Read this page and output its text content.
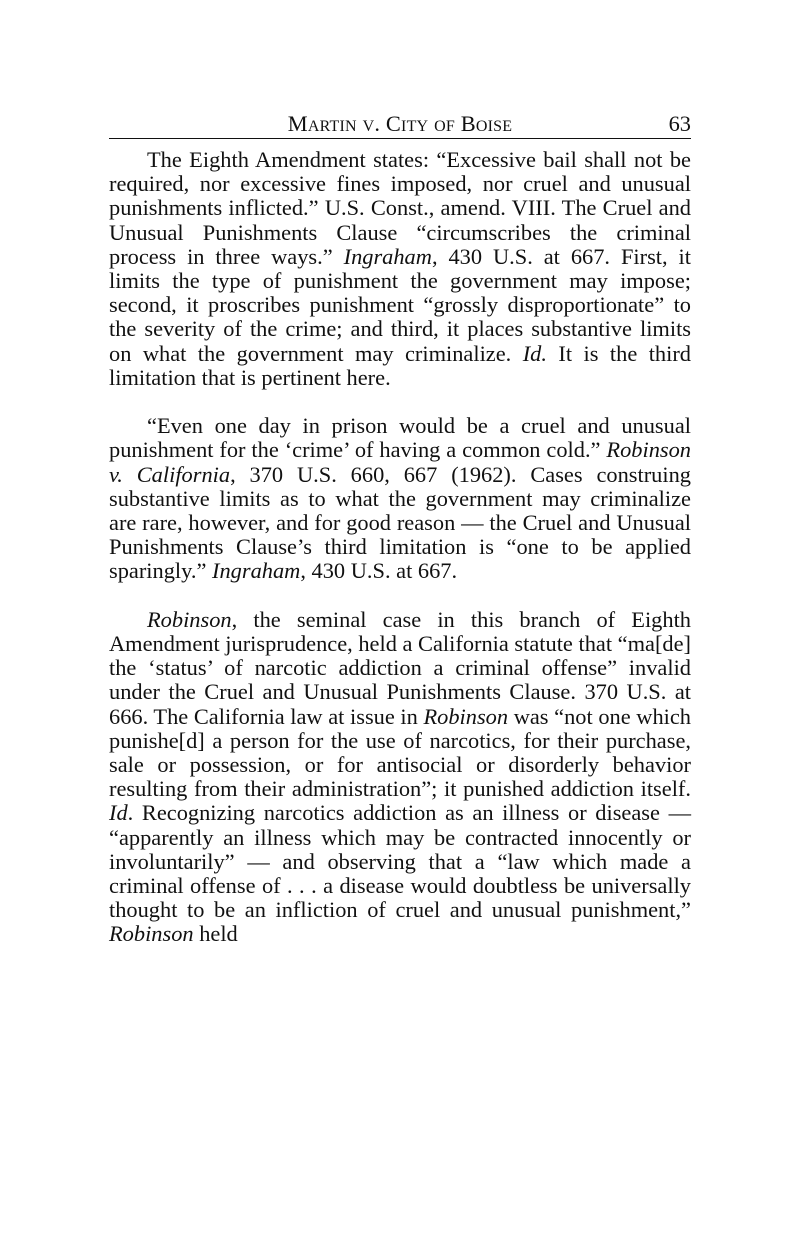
Martin v. City of Boise	63

The Eighth Amendment states: “Excessive bail shall not be required, nor excessive fines imposed, nor cruel and unusual punishments inflicted.” U.S. Const., amend. VIII. The Cruel and Unusual Punishments Clause “circumscribes the criminal process in three ways.” Ingraham, 430 U.S. at 667. First, it limits the type of punishment the government may impose; second, it proscribes punishment “grossly disproportionate” to the severity of the crime; and third, it places substantive limits on what the government may criminalize. Id. It is the third limitation that is pertinent here.

“Even one day in prison would be a cruel and unusual punishment for the ‘crime’ of having a common cold.” Robinson v. California, 370 U.S. 660, 667 (1962). Cases construing substantive limits as to what the government may criminalize are rare, however, and for good reason — the Cruel and Unusual Punishments Clause’s third limitation is “one to be applied sparingly.” Ingraham, 430 U.S. at 667.

Robinson, the seminal case in this branch of Eighth Amendment jurisprudence, held a California statute that “ma[de] the ‘status’ of narcotic addiction a criminal offense” invalid under the Cruel and Unusual Punishments Clause. 370 U.S. at 666. The California law at issue in Robinson was “not one which punishe[d] a person for the use of narcotics, for their purchase, sale or possession, or for antisocial or disorderly behavior resulting from their administration”; it punished addiction itself. Id. Recognizing narcotics addiction as an illness or disease — “apparently an illness which may be contracted innocently or involuntarily” — and observing that a “law which made a criminal offense of . . . a disease would doubtless be universally thought to be an infliction of cruel and unusual punishment,” Robinson held
